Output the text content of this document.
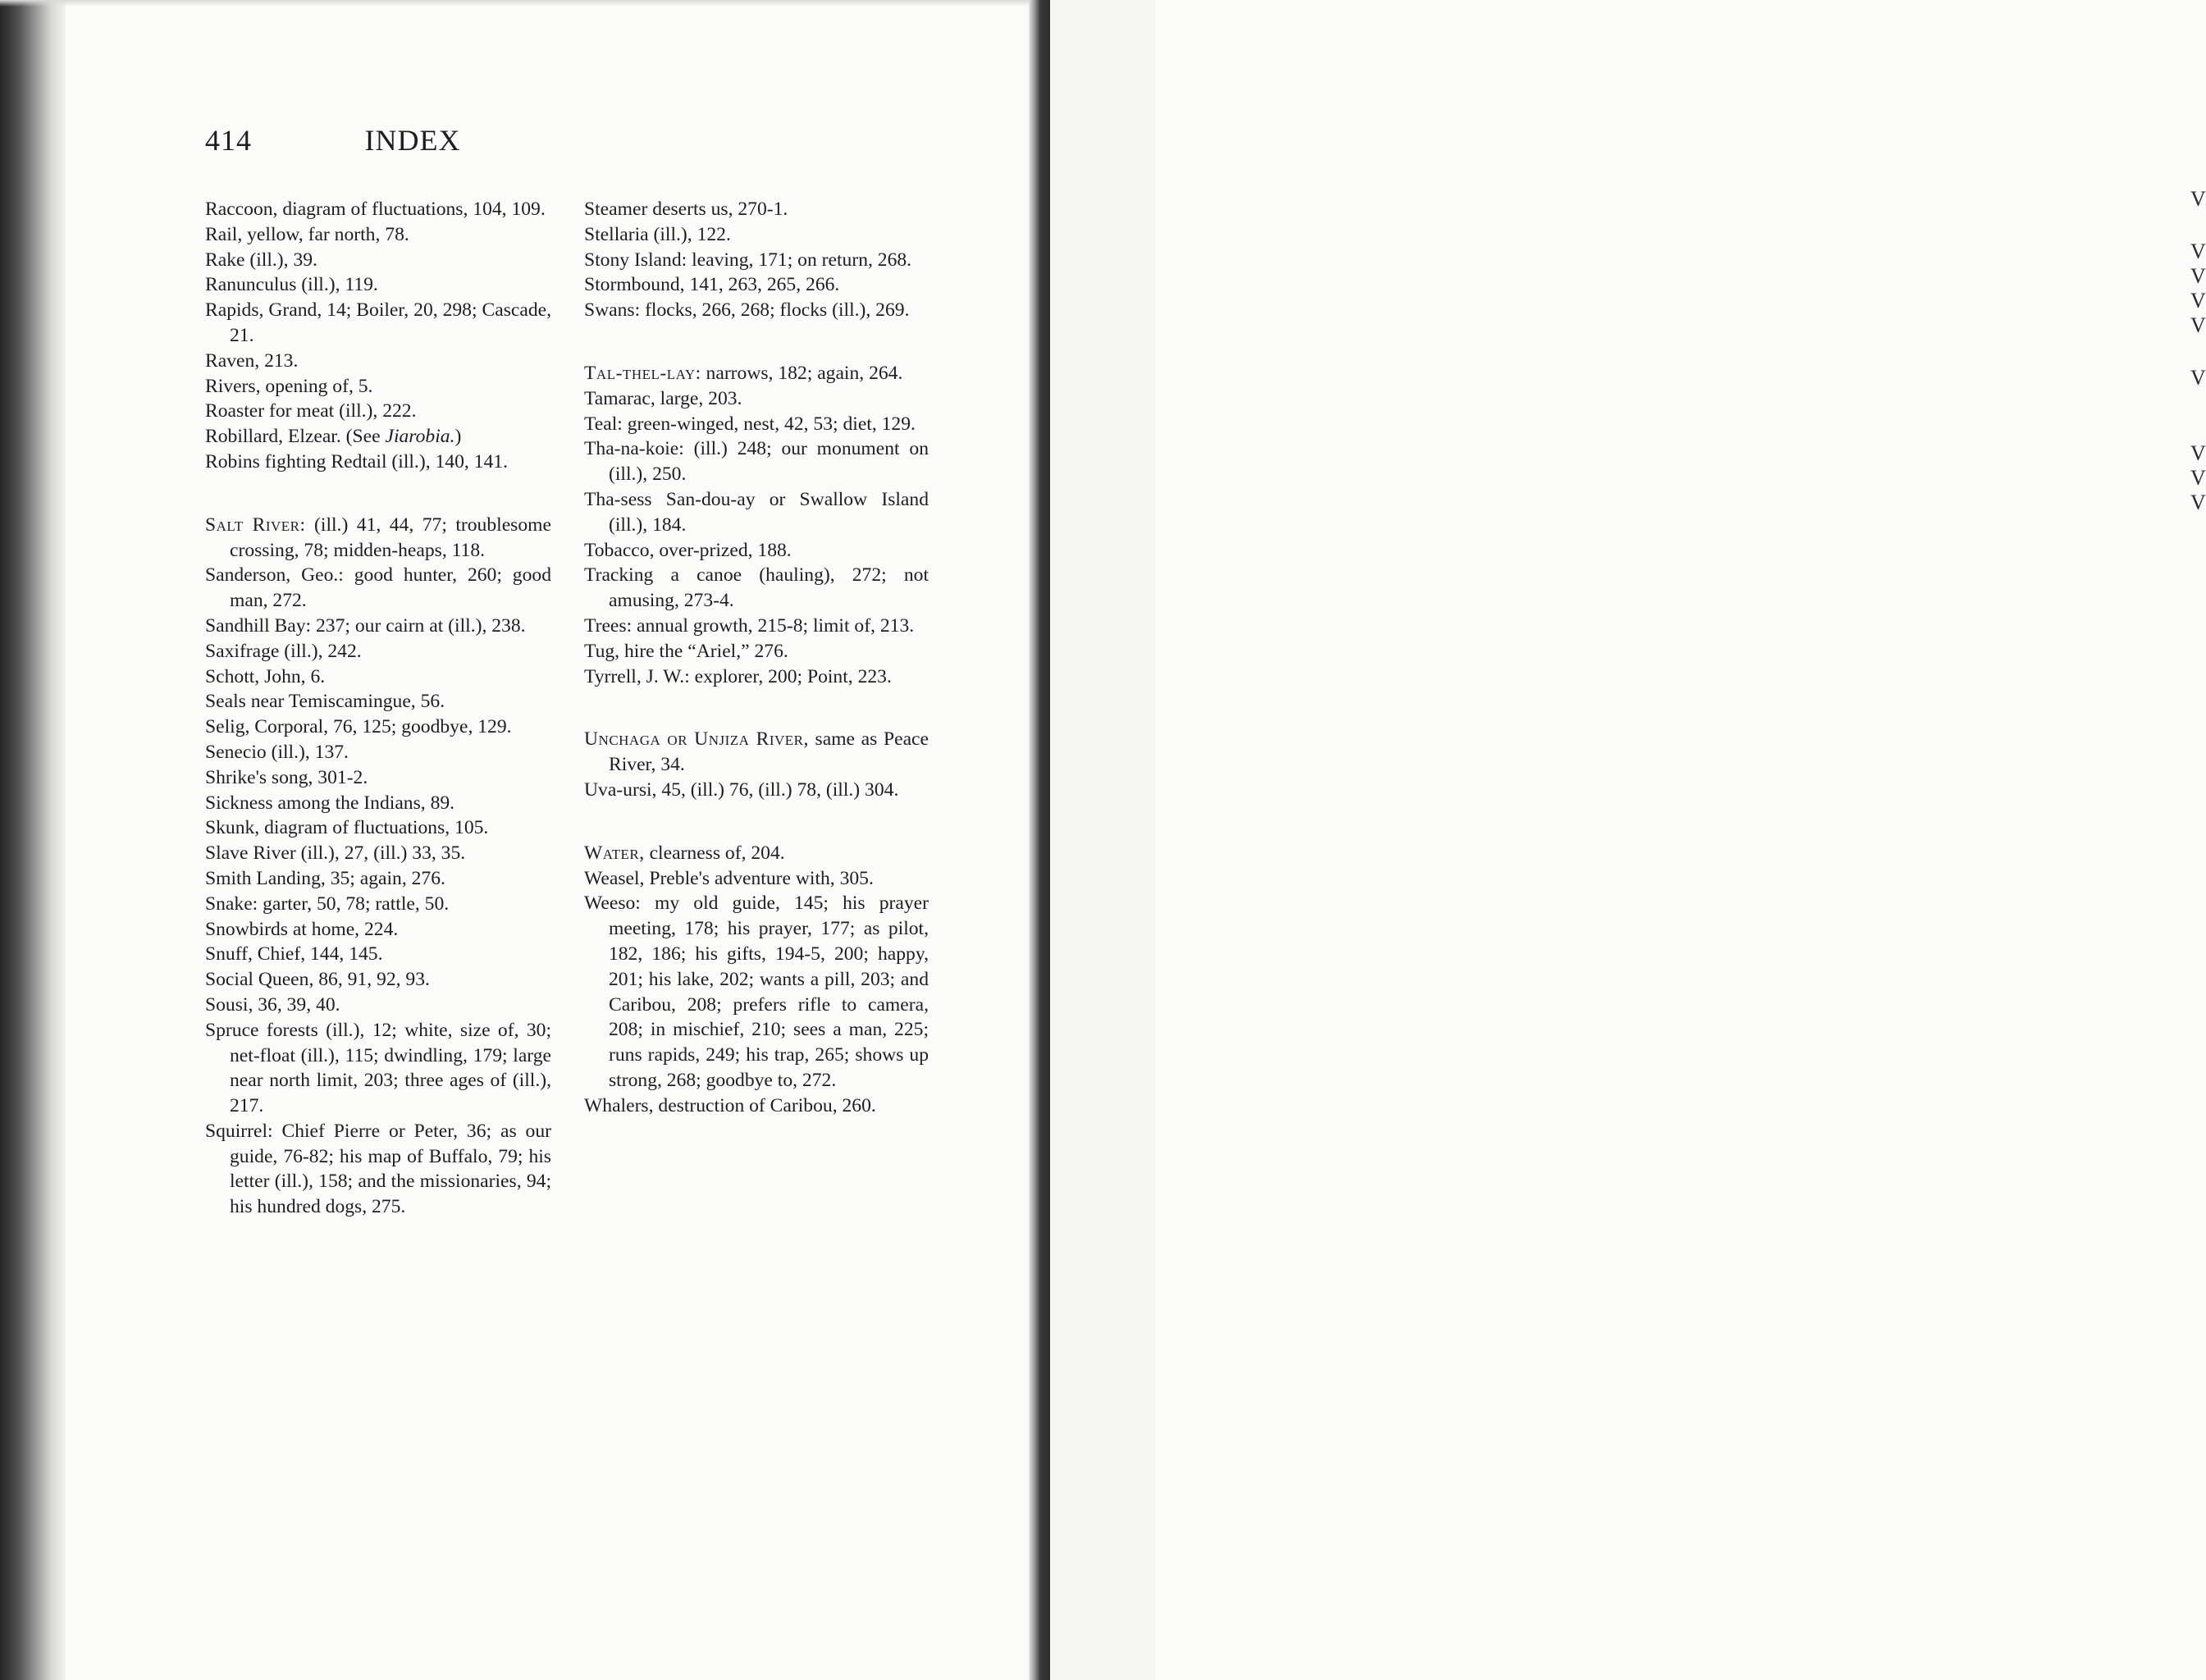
V
V
V
V
V
V
V
V
V
INDEX
414

Raccoon, diagram of fluctuations, 104, 109.

Rail, yellow, far north, 78.

Rake (ill.), 39.

Ranunculus (ill.), 119.

Rapids, Grand, 14; Boiler, 20, 298; Cascade, 21.

Raven, 213.

Rivers, opening of, 5.

Roaster for meat (ill.), 222.

Robillard, Elzear. (See Jiarobia.)

Robins fighting Redtail (ill.), 140, 141.

Salt River: (ill.) 41, 44, 77; troublesome crossing, 78; midden-heaps, 118.

Sanderson, Geo.: good hunter, 260; good man, 272.

Sandhill Bay: 237; our cairn at (ill.), 238.

Saxifrage (ill.), 242.

Schott, John, 6.

Seals near Temiscamingue, 56.

Selig, Corporal, 76, 125; goodbye, 129.

Senecio (ill.), 137.

Shrike's song, 301-2.

Sickness among the Indians, 89.

Skunk, diagram of fluctuations, 105.

Slave River (ill.), 27, (ill.) 33, 35.

Smith Landing, 35; again, 276.

Snake: garter, 50, 78; rattle, 50.

Snowbirds at home, 224.

Snuff, Chief, 144, 145.

Social Queen, 86, 91, 92, 93.

Sousi, 36, 39, 40.

Spruce forests (ill.), 12; white, size of, 30; net-float (ill.), 115; dwindling, 179; large near north limit, 203; three ages of (ill.), 217.

Squirrel: Chief Pierre or Peter, 36; as our guide, 76-82; his map of Buffalo, 79; his letter (ill.), 158; and the missionaries, 94; his hundred dogs, 275.

Steamer deserts us, 270-1.

Stellaria (ill.), 122.

Stony Island: leaving, 171; on return, 268.

Stormbound, 141, 263, 265, 266.

Swans: flocks, 266, 268; flocks (ill.), 269.

Tal-thel-lay: narrows, 182; again, 264.

Tamarac, large, 203.

Teal: green-winged, nest, 42, 53; diet, 129.

Tha-na-koie: (ill.) 248; our monument on (ill.), 250.

Tha-sess San-dou-ay or Swallow Island (ill.), 184.

Tobacco, over-prized, 188.

Tracking a canoe (hauling), 272; not amusing, 273-4.

Trees: annual growth, 215-8; limit of, 213.

Tug, hire the “Ariel,” 276.

Tyrrell, J. W.: explorer, 200; Point, 223.

Unchaga or Unjiza River, same as Peace River, 34.

Uva-ursi, 45, (ill.) 76, (ill.) 78, (ill.) 304.

Water, clearness of, 204.

Weasel, Preble's adventure with, 305.

Weeso: my old guide, 145; his prayer meeting, 178; his prayer, 177; as pilot, 182, 186; his gifts, 194-5, 200; happy, 201; his lake, 202; wants a pill, 203; and Caribou, 208; prefers rifle to camera, 208; in mischief, 210; sees a man, 225; runs rapids, 249; his trap, 265; shows up strong, 268; goodbye to, 272.

Whalers, destruction of Caribou, 260.
